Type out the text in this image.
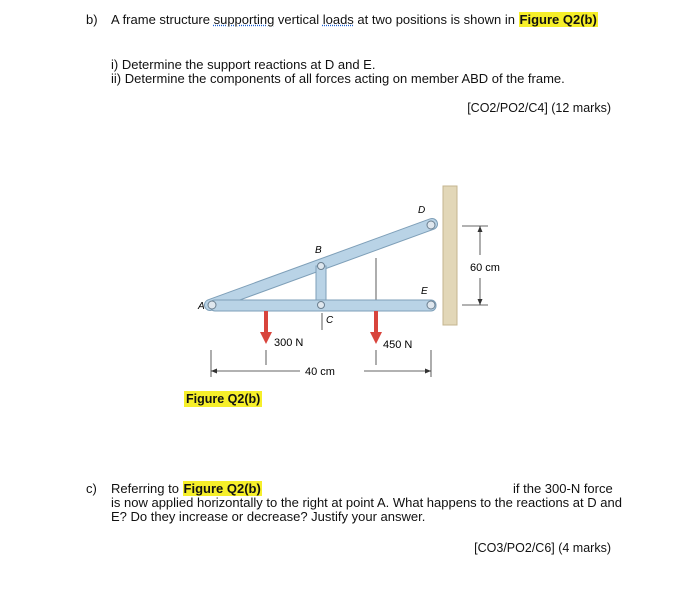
b) A frame structure supporting vertical loads at two positions is shown in Figure Q2(b)
i) Determine the support reactions at D and E.
ii) Determine the components of all forces acting on member ABD of the frame.
[CO2/PO2/C4] (12 marks)
A
B
C
D
E
300 N	450 N
40 cm
60 cm
Figure Q2(b)
c) Referring to Figure Q2(b)	if the 300-N force
is now applied horizontally to the right at point A. What happens to the reactions at D and
E? Do they increase or decrease? Justify your answer.
[CO3/PO2/C6] (4 marks)
